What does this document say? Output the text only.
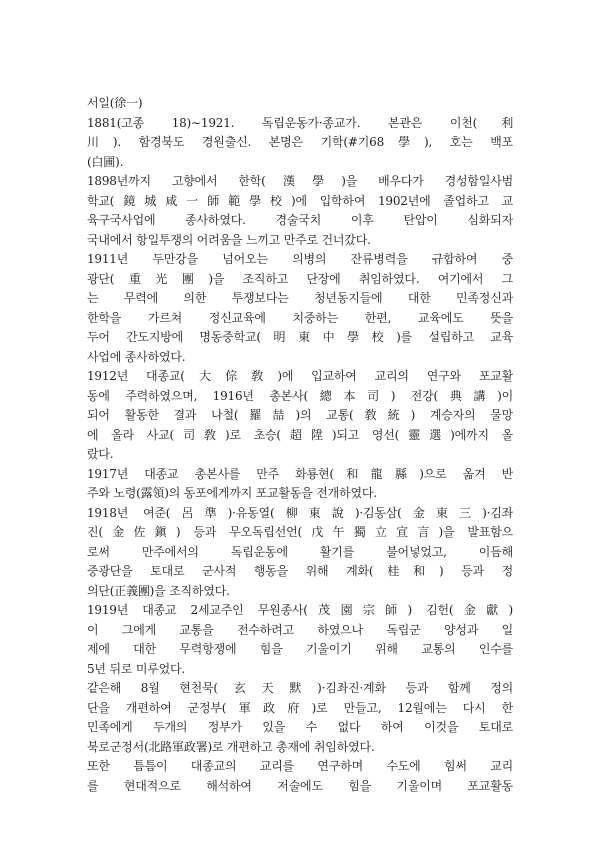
서일(徐一)
1881(고종 18)∼1921. 독립운동가·종교가. 본관은 이천(利
川). 함경북도 경원출신. 본명은 기학(#기68學), 호는 백포
(白圃).
1898년까지 고향에서 한학(漢學)을 배우다가 경성함일사범
학교(鏡城咸一師範學校)에 입학하여 1902년에 졸업하고 교
육구국사업에 종사하였다. 경술국치 이후 탄압이 심화되자
국내에서 항일투쟁의 어려움을 느끼고 만주로 건너갔다.
1911년 두만강을 넘어오는 의병의 잔류병력을 규합하여 중
광단(重光團)을 조직하고 단장에 취임하였다. 여기에서 그
는 무력에 의한 투쟁보다는 청년동지들에 대한 민족정신과
한학을 가르쳐 정신교육에 치중하는 한편, 교육에도 뜻을
두어 간도지방에 명동중학교(明東中學校)를 설립하고 교육
사업에 종사하였다.
1912년 대종교(大倧敎)에 입교하여 교리의 연구와 포교활
동에 주력하였으며, 1916년 총본사(總本司) 전강(典講)이
되어 활동한 결과 나철(羅喆)의 교통(敎統) 계승자의 물망
에 올라 사교(司敎)로 초승(超陞)되고 영선(靈選)에까지 올
랐다.
1917년 대종교 총본사를 만주 화룡현(和龍縣)으로 옮겨 반
주와 노령(露領)의 동포에게까지 포교활동을 전개하였다.
1918년 여준(呂準)·유동열(柳東說)·김동삼(金東三)·김좌
진(金佐鎭) 등과 무오독립선언(戊午獨立宣言)을 발표함으
로써 만주에서의 독립운동에 활기를 불어넣었고, 이듬해
중광단을 토대로 군사적 행동을 위해 계화(桂和) 등과 정
의단(正義團)을 조직하였다.
1919년 대종교 2세교주인 무원종사(茂園宗師) 김헌(金獻)
이 그에게 교통을 전수하려고 하였으나 독립군 양성과 일
제에 대한 무력항쟁에 힘을 기울이기 위해 교통의 인수를
5년 뒤로 미루었다.
같은해 8월 현천묵(玄天默)·김좌진·계화 등과 함께 정의
단을 개편하여 군정부(軍政府)로 만들고, 12월에는 다시 한
민족에게 두개의 정부가 있을 수 없다 하여 이것을 토대로
북로군정서(北路軍政署)로 개편하고 총재에 취임하였다.
또한 틈틈이 대종교의 교리를 연구하며 수도에 힘써 교리
를 현대적으로 해석하여 저술에도 힘을 기울이며 포교활동
